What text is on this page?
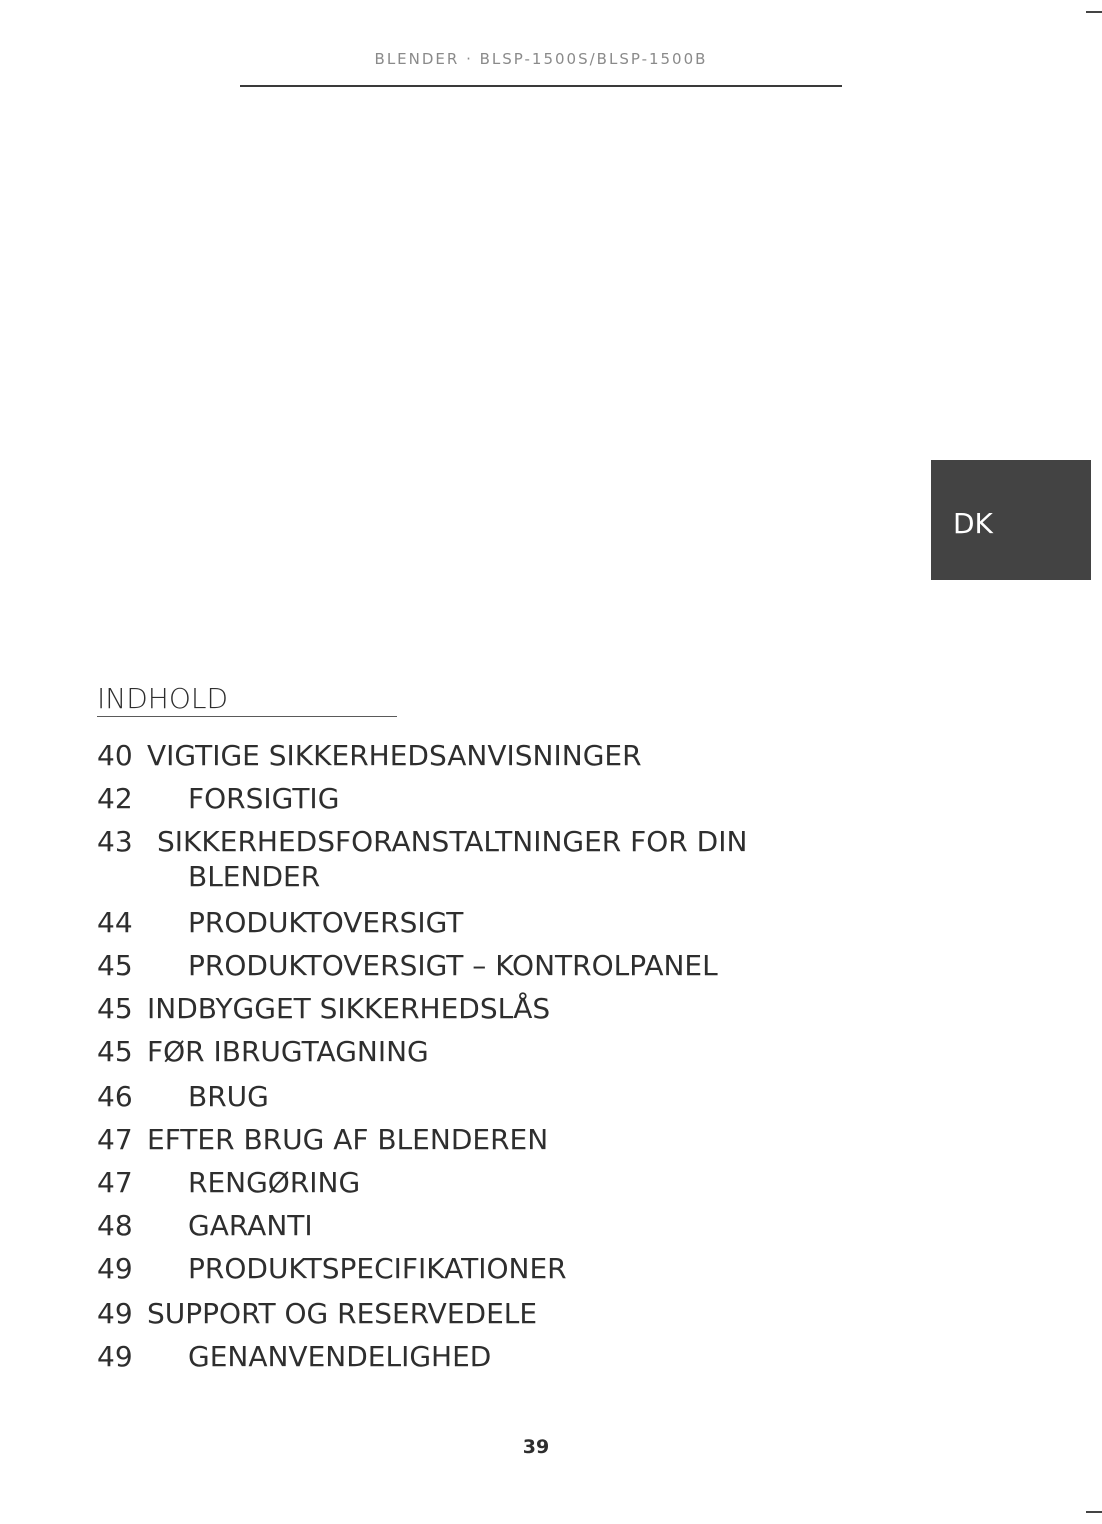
BLENDER · BLSP-1500S/BLSP-1500B
DK
INDHOLD
40 VIGTIGE SIKKERHEDSANVISNINGER
42 FORSIGTIG
43 SIKKERHEDSFORANSTALTNINGER FOR DIN
BLENDER
44 PRODUKTOVERSIGT
45 PRODUKTOVERSIGT – KONTROLPANEL
45 INDBYGGET SIKKERHEDSLÅS
45 FØR IBRUGTAGNING
46 BRUG
47 EFTER BRUG AF BLENDEREN
47 RENGØRING
48 GARANTI
49 PRODUKTSPECIFIKATIONER
49 SUPPORT OG RESERVEDELE
49 GENANVENDELIGHED
39
